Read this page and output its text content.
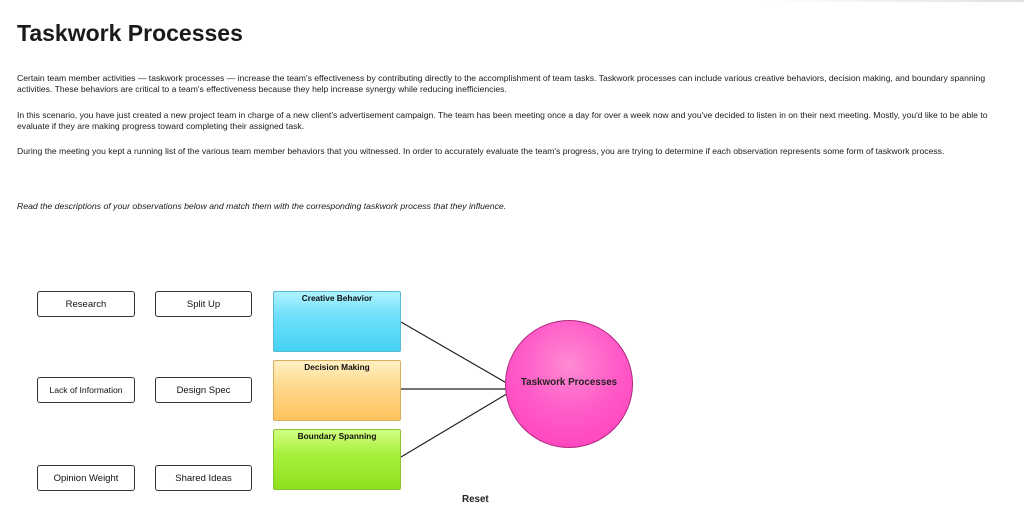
Taskwork Processes

Certain team member activities — taskwork processes — increase the team's effectiveness by contributing directly to the accomplishment of team tasks. Taskwork processes can include various creative behaviors, decision making, and boundary spanning activities. These behaviors are critical to a team's effectiveness because they help increase synergy while reducing inefficiencies.

In this scenario, you have just created a new project team in charge of a new client's advertisement campaign. The team has been meeting once a day for over a week now and you've decided to listen in on their next meeting. Mostly, you'd like to be able to evaluate if they are making progress toward completing their assigned task.

During the meeting you kept a running list of the various team member behaviors that you witnessed. In order to accurately evaluate the team's progress, you are trying to determine if each observation represents some form of taskwork process.

Read the descriptions of your observations below and match them with the corresponding taskwork process that they influence.

Research	Split Up
Lack of Information	Design Spec
Opinion Weight	Shared Ideas
Creative Behavior
Decision Making
Boundary Spanning
Taskwork Processes
Reset
